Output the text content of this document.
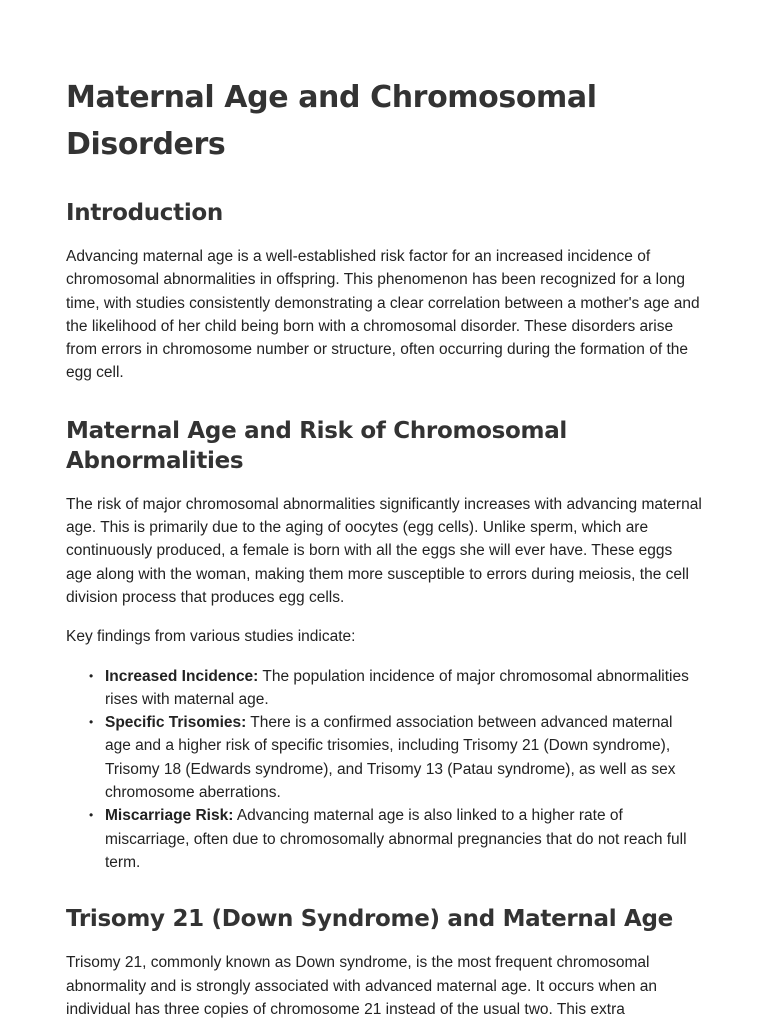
Maternal Age and Chromosomal Disorders
Introduction

Advancing maternal age is a well-established risk factor for an increased incidence of chromosomal abnormalities in offspring. This phenomenon has been recognized for a long time, with studies consistently demonstrating a clear correlation between a mother's age and the likelihood of her child being born with a chromosomal disorder. These disorders arise from errors in chromosome number or structure, often occurring during the formation of the egg cell.

Maternal Age and Risk of Chromosomal Abnormalities

The risk of major chromosomal abnormalities significantly increases with advancing maternal age. This is primarily due to the aging of oocytes (egg cells). Unlike sperm, which are continuously produced, a female is born with all the eggs she will ever have. These eggs age along with the woman, making them more susceptible to errors during meiosis, the cell division process that produces egg cells.

Key findings from various studies indicate:

• Increased Incidence: The population incidence of major chromosomal abnormalities rises with maternal age.
• Specific Trisomies: There is a confirmed association between advanced maternal age and a higher risk of specific trisomies, including Trisomy 21 (Down syndrome), Trisomy 18 (Edwards syndrome), and Trisomy 13 (Patau syndrome), as well as sex chromosome aberrations.
• Miscarriage Risk: Advancing maternal age is also linked to a higher rate of miscarriage, often due to chromosomally abnormal pregnancies that do not reach full term.
Trisomy 21 (Down Syndrome) and Maternal Age

Trisomy 21, commonly known as Down syndrome, is the most frequent chromosomal abnormality and is strongly associated with advanced maternal age. It occurs when an individual has three copies of chromosome 21 instead of the usual two. This extra
